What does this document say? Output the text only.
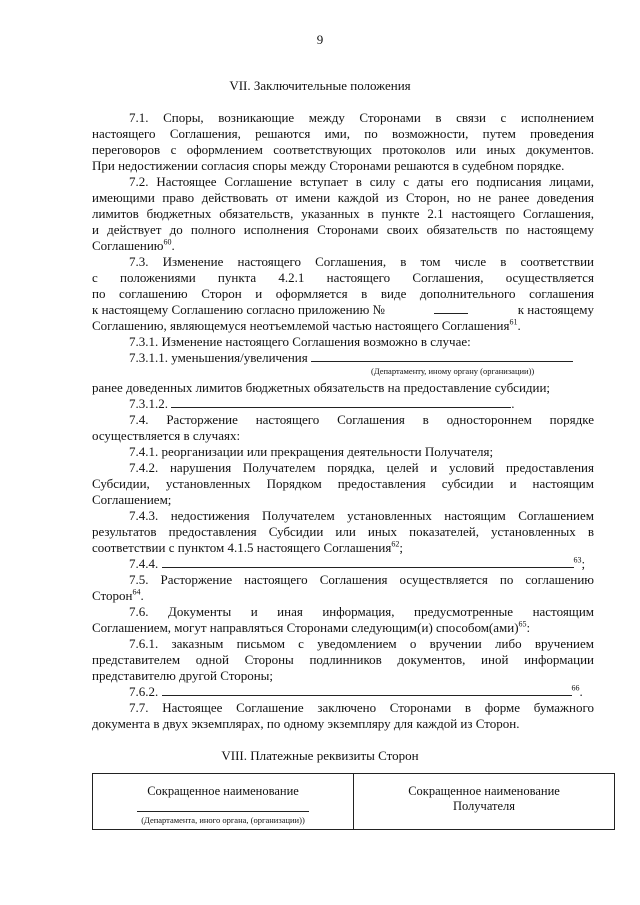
9
VII. Заключительные положения
7.1. Споры, возникающие между Сторонами в связи с исполнением
настоящего Соглашения, решаются ими, по возможности, путем проведения
переговоров с оформлением соответствующих протоколов или иных документов.
При недостижении согласия споры между Сторонами решаются в судебном порядке.
7.2. Настоящее Соглашение вступает в силу с даты его подписания лицами,
имеющими право действовать от имени каждой из Сторон, но не ранее доведения
лимитов бюджетных обязательств, указанных в пункте 2.1 настоящего Соглашения,
и действует до полного исполнения Сторонами своих обязательств по настоящему
Соглашению$^{60}$.
7.3. Изменение настоящего Соглашения, в том числе в соответствии
с положениями пункта 4.2.1 настоящего Соглашения, осуществляется
по соглашению Сторон и оформляется в виде дополнительного соглашения
к настоящему Соглашению согласно приложению №	к настоящему
Соглашению, являющемуся неотъемлемой частью настоящего Соглашения$^{61}$.
7.3.1. Изменение настоящего Соглашения возможно в случае:
7.3.1.1. уменьшения/увеличения
(Департаменту, иному органу (организации))
ранее доведенных лимитов бюджетных обязательств на предоставление субсидии;
7.3.1.2.	.
7.4. Расторжение настоящего Соглашения в одностороннем порядке
осуществляется в случаях:
7.4.1. реорганизации или прекращения деятельности Получателя;
7.4.2. нарушения Получателем порядка, целей и условий предоставления
Субсидии, установленных Порядком предоставления субсидии и настоящим
Соглашением;
7.4.3. недостижения Получателем установленных настоящим Соглашением
результатов предоставления Субсидии или иных показателей, установленных в
соответствии с пунктом 4.1.5 настоящего Соглашения$^{62}$;
7.4.4.	$^{63}$;
7.5. Расторжение настоящего Соглашения осуществляется по соглашению
Сторон$^{64}$.
7.6. Документы и иная информация, предусмотренные настоящим
Соглашением, могут направляться Сторонами следующим(и) способом(ами)$^{65}$:
7.6.1. заказным письмом с уведомлением о вручении либо вручением
представителем одной Стороны подлинников документов, иной информации
представителю другой Стороны;
7.6.2.	$^{66}$.
7.7. Настоящее Соглашение заключено Сторонами в форме бумажного
документа в двух экземплярах, по одному экземпляру для каждой из Сторон.
VIII. Платежные реквизиты Сторон
Сокращенное наименование
(Департамента, иного органа, (организации))
	Сокращенное наименование
Получателя
